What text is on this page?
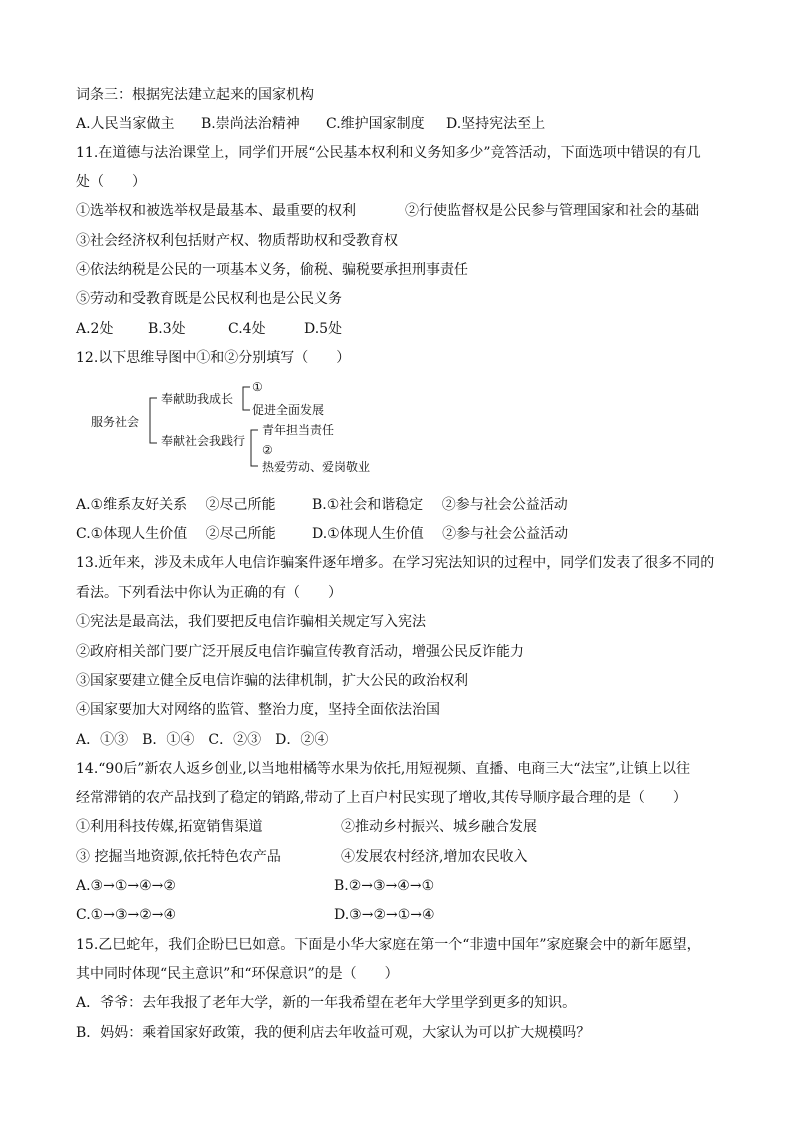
词条三：根据宪法建立起来的国家机构
A.人民当家做主 B.崇尚法治精神 C.维护国家制度 D.坚持宪法至上
11.在道德与法治课堂上，同学们开展“公民基本权利和义务知多少”竞答活动，下面选项中错误的有几
处（　　）
①选举权和被选举权是最基本、最重要的权利	②行使监督权是公民参与管理国家和社会的基础
③社会经济权利包括财产权、物质帮助权和受教育权
④依法纳税是公民的一项基本义务，偷税、骗税要承担刑事责任
⑤劳动和受教育既是公民权利也是公民义务
A.2处 B.3处	C.4处	D.5处
12.以下思维导图中①和②分别填写（　　）
服务社会
奉献助我成长
①
促进全面发展
奉献社会我践行
青年担当责任
②
热爱劳动、爱岗敬业
A.①维系友好关系　 ②尽己所能	B.①社会和谐稳定　 ②参与社会公益活动
C.①体现人生价值　 ②尽己所能	D.①体现人生价值　 ②参与社会公益活动
13.近年来，涉及未成年人电信诈骗案件逐年增多。在学习宪法知识的过程中，同学们发表了很多不同的
看法。下列看法中你认为正确的有（　　）
①宪法是最高法，我们要把反电信诈骗相关规定写入宪法
②政府相关部门要广泛开展反电信诈骗宣传教育活动，增强公民反诈能力
③国家要建立健全反电信诈骗的法律机制，扩大公民的政治权利
④国家要加大对网络的监管、整治力度，坚持全面依法治国
A．①③　B．①④　C．②③　D．②④
14.“90后”新农人返乡创业,以当地柑橘等水果为依托,用短视频、直播、电商三大“法宝”,让镇上以往
经常滞销的农产品找到了稳定的销路,带动了上百户村民实现了增收,其传导顺序最合理的是（　　）
①利用科技传媒,拓宽销售渠道	②推动乡村振兴、城乡融合发展
③ 挖掘当地资源,依托特色农产品	④发展农村经济,增加农民收入
A.③→①→④→②	B.②→③→④→①
C.①→③→②→④	D.③→②→①→④
15.乙巳蛇年，我们企盼巳巳如意。下面是小华大家庭在第一个“非遗中国年”家庭聚会中的新年愿望，
其中同时体现“民主意识”和“环保意识”的是（　　）
A．爷爷：去年我报了老年大学，新的一年我希望在老年大学里学到更多的知识。
B．妈妈：乘着国家好政策，我的便利店去年收益可观，大家认为可以扩大规模吗？
